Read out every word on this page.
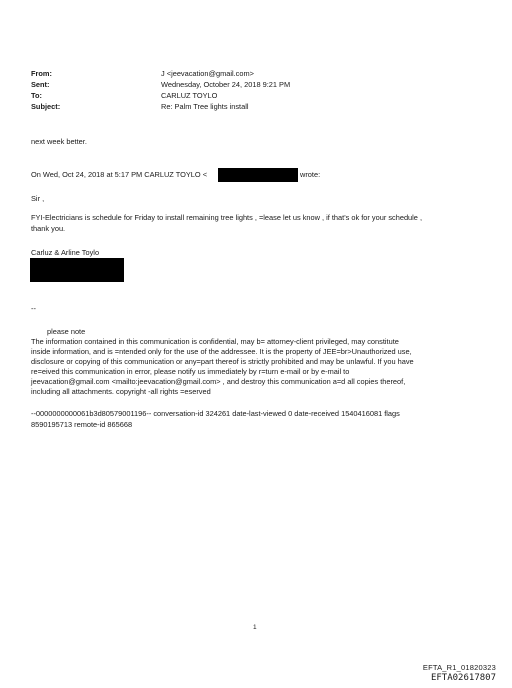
From:	J <jeevacation@gmail.com>
Sent:	Wednesday, October 24, 2018 9:21 PM
To:	CARLUZ TOYLO
Subject:	Re: Palm Tree lights install
next week better.
On Wed, Oct 24, 2018 at 5:17 PM CARLUZ TOYLO <	wrote:
Sir ,
FYI-Electricians is schedule for Friday to install remaining tree lights , =lease let us know , if that's ok for your schedule ,
thank you.
Carluz & Arline Toylo
--
please note
The information contained in this communication is confidential, may b= attorney-client privileged, may constitute
inside information, and is =ntended only for the use of the addressee. It is the property of JEE=br>Unauthorized use,
disclosure or copying of this communication or any=part thereof is strictly prohibited and may be unlawful. If you have
re=eived this communication in error, please notify us immediately by r=turn e-mail or by e-mail to
jeevacation@gmail.com <mailto:jeevacation@gmail.com> , and destroy this communication a=d all copies thereof,
including all attachments. copyright -all rights =eserved
--0000000000061b3d80579001196-- conversation-id 324261 date-last-viewed 0 date-received 1540416081 flags
8590195713 remote-id 865668
1
EFTA_R1_01820323
EFTA02617807
